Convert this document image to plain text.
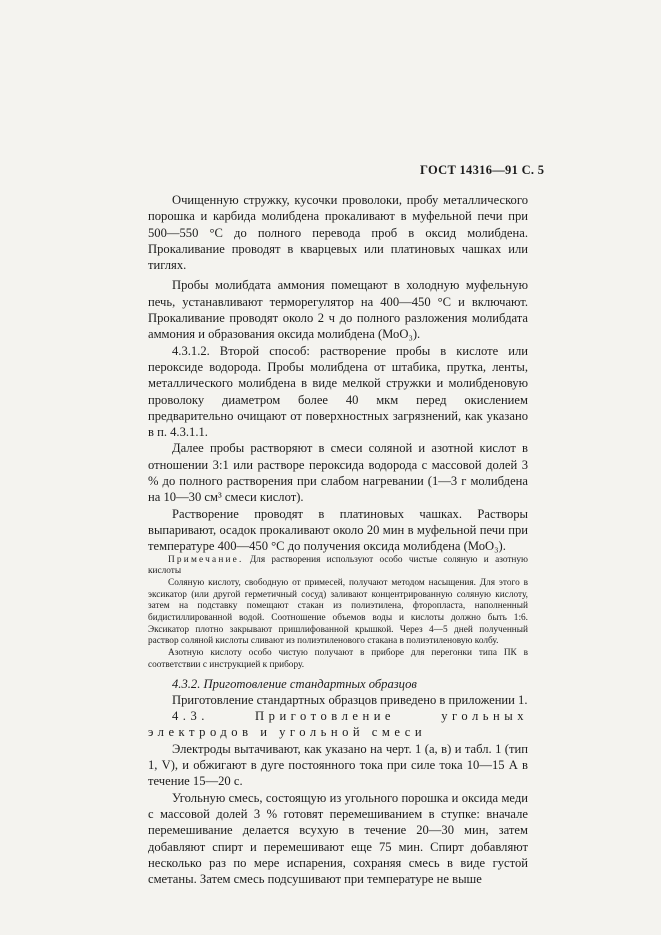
ГОСТ 14316—91 С. 5

Очищенную стружку, кусочки проволоки, пробу металлического порошка и карбида молибдена прокаливают в муфельной печи при 500—550 °С до полного перевода проб в оксид молибдена. Прокаливание проводят в кварцевых или платиновых чашках или тиглях.

Пробы молибдата аммония помещают в холодную муфельную печь, устанавливают терморегулятор на 400—450 °С и включают. Прокаливание проводят около 2 ч до полного разложения молибдата аммония и образования оксида молибдена (МоО₃).

4.3.1.2. Второй способ: растворение пробы в кислоте или пероксиде водорода. Пробы молибдена от штабика, прутка, ленты, металлического молибдена в виде мелкой стружки и молибденовую проволоку диаметром более 40 мкм перед окислением предварительно очищают от поверхностных загрязнений, как указано в п. 4.3.1.1.

Далее пробы растворяют в смеси соляной и азотной кислот в отношении 3:1 или растворе пероксида водорода с массовой долей 3 % до полного растворения при слабом нагревании (1—3 г молибдена на 10—30 см³ смеси кислот).

Растворение проводят в платиновых чашках. Растворы выпаривают, осадок прокаливают около 20 мин в муфельной печи при температуре 400—450 °С до получения оксида молибдена (МоО₃).

Примечание. Для растворения используют особо чистые соляную и азотную кислоты

Соляную кислоту, свободную от примесей, получают методом насыщения. Для этого в эксикатор (или другой герметичный сосуд) заливают концентрированную соляную кислоту, затем на подставку помещают стакан из полиэтилена, фторопласта, наполненный бидистиллированной водой. Соотношение объемов воды и кислоты должно быть 1:6. Эксикатор плотно закрывают пришлифованной крышкой. Через 4—5 дней полученный раствор соляной кислоты сливают из полиэтиленового стакана в полиэтиленовую колбу.

Азотную кислоту особо чистую получают в приборе для перегонки типа ПК в соответствии с инструкцией к прибору.

4.3.2. Приготовление стандартных образцов

Приготовление стандартных образцов приведено в приложении 1.

4.3. Приготовление угольных электродов и угольной смеси

Электроды вытачивают, как указано на черт. 1 (а, в) и табл. 1 (тип 1, V), и обжигают в дуге постоянного тока при силе тока 10—15 А в течение 15—20 с.

Угольную смесь, состоящую из угольного порошка и оксида меди с массовой долей 3 % готовят перемешиванием в ступке: вначале перемешивание делается всухую в течение 20—30 мин, затем добавляют спирт и перемешивают еще 75 мин. Спирт добавляют несколько раз по мере испарения, сохраняя смесь в виде густой сметаны. Затем смесь подсушивают при температуре не выше
